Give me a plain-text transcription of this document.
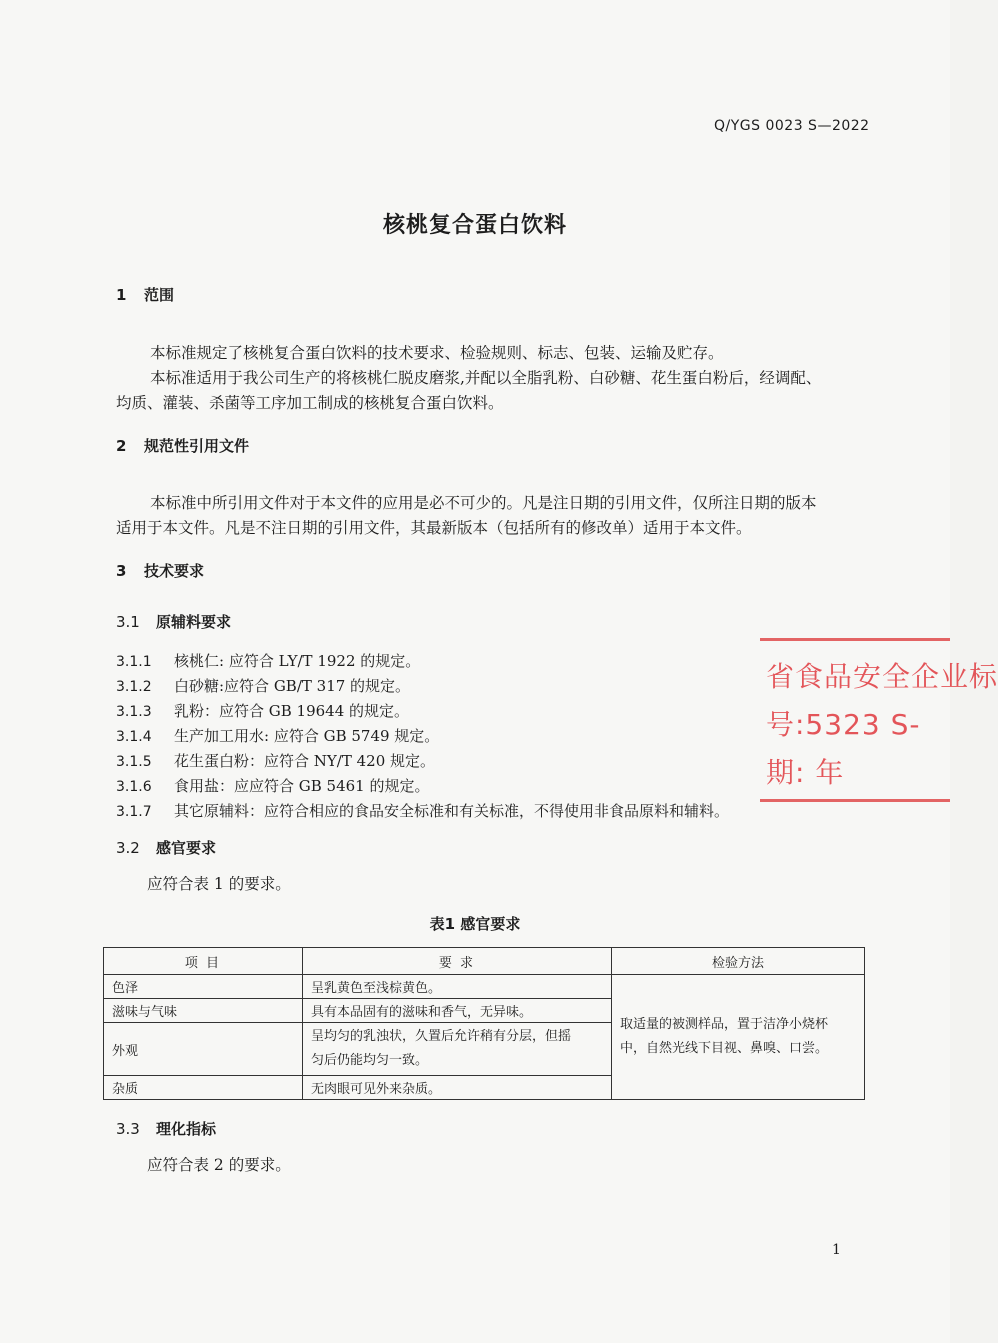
Q/YGS 0023 S—2022
核桃复合蛋白饮料
1 范围
本标准规定了核桃复合蛋白饮料的技术要求、检验规则、标志、包装、运输及贮存。
本标准适用于我公司生产的将核桃仁脱皮磨浆,并配以全脂乳粉、白砂糖、花生蛋白粉后，经调配、
均质、灌装、杀菌等工序加工制成的核桃复合蛋白饮料。
2 规范性引用文件
本标准中所引用文件对于本文件的应用是必不可少的。凡是注日期的引用文件，仅所注日期的版本
适用于本文件。凡是不注日期的引用文件，其最新版本（包括所有的修改单）适用于本文件。
3 技术要求
3.1 原辅料要求
3.1.1 核桃仁: 应符合 LY/T 1922 的规定。
3.1.2 白砂糖:应符合 GB/T 317 的规定。
3.1.3 乳粉：应符合 GB 19644 的规定。
3.1.4 生产加工用水: 应符合 GB 5749 规定。
3.1.5 花生蛋白粉：应符合 NY/T 420 规定。
3.1.6 食用盐：应应符合 GB 5461 的规定。
3.1.7 其它原辅料：应符合相应的食品安全标准和有关标准，不得使用非食品原料和辅料。
3.2 感官要求
应符合表 1 的要求。
表1 感官要求
项 目	要 求	检验方法
色泽	呈乳黄色至浅棕黄色。	取适量的被测样品，置于洁净小烧杯
中，自然光线下目视、鼻嗅、口尝。

滋味与气味	具有本品固有的滋味和香气，无异味。	
外观	呈均匀的乳浊状，久置后允许稍有分层，但摇
匀后仍能均匀一致。	

杂质	无肉眼可见外来杂质。	
3.3 理化指标
应符合表 2 的要求。
省食品安全企业标
号:5323 S-
期: 年
1
